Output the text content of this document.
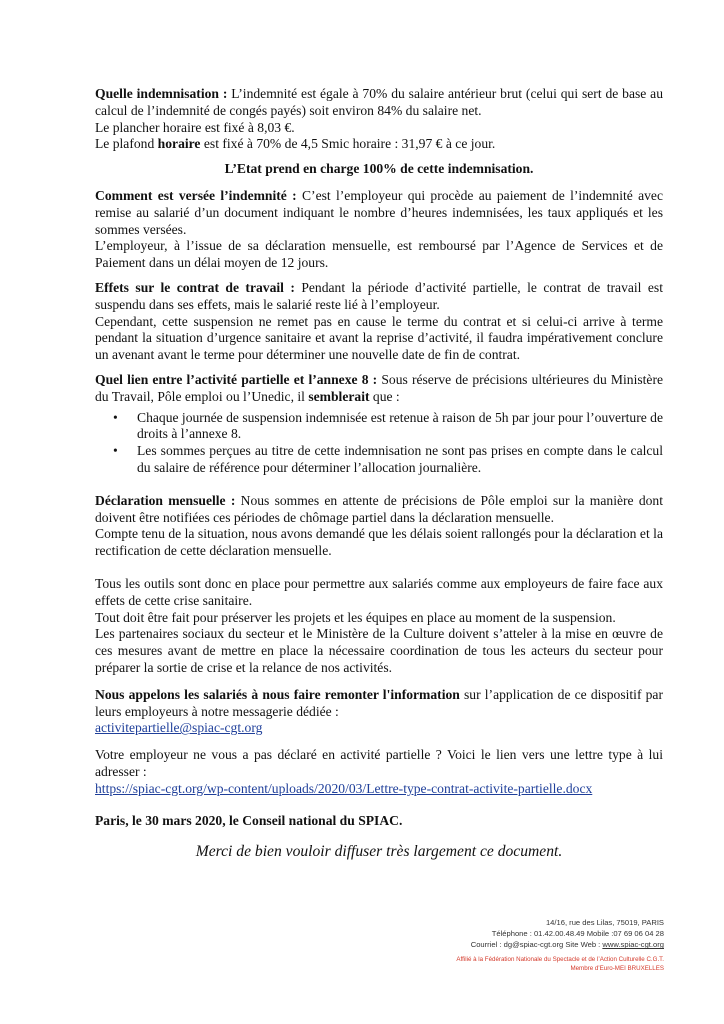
Quelle indemnisation : L’indemnité est égale à 70% du salaire antérieur brut (celui qui sert de base au calcul de l’indemnité de congés payés) soit environ 84% du salaire net.

Le plancher horaire est fixé à 8,03 €.

Le plafond horaire est fixé à 70% de 4,5 Smic horaire : 31,97 € à ce jour.

L’Etat prend en charge 100% de cette indemnisation.

Comment est versée l’indemnité : C’est l’employeur qui procède au paiement de l’indemnité avec remise au salarié d’un document indiquant le nombre d’heures indemnisées, les taux appliqués et les sommes versées.

L’employeur, à l’issue de sa déclaration mensuelle, est remboursé par l’Agence de Services et de Paiement dans un délai moyen de 12 jours.

Effets sur le contrat de travail : Pendant la période d’activité partielle, le contrat de travail est suspendu dans ses effets, mais le salarié reste lié à l’employeur.

Cependant, cette suspension ne remet pas en cause le terme du contrat et si celui-ci arrive à terme pendant la situation d’urgence sanitaire et avant la reprise d’activité, il faudra impérativement conclure un avenant avant le terme pour déterminer une nouvelle date de fin de contrat.

Quel lien entre l’activité partielle et l’annexe 8 : Sous réserve de précisions ultérieures du Ministère du Travail, Pôle emploi ou l’Unedic, il semblerait que :

• Chaque journée de suspension indemnisée est retenue à raison de 5h par jour pour l’ouverture de droits à l’annexe 8.
• Les sommes perçues au titre de cette indemnisation ne sont pas prises en compte dans le calcul du salaire de référence pour déterminer l’allocation journalière.

Déclaration mensuelle : Nous sommes en attente de précisions de Pôle emploi sur la manière dont doivent être notifiées ces périodes de chômage partiel dans la déclaration mensuelle.

Compte tenu de la situation, nous avons demandé que les délais soient rallongés pour la déclaration et la rectification de cette déclaration mensuelle.

Tous les outils sont donc en place pour permettre aux salariés comme aux employeurs de faire face aux effets de cette crise sanitaire.

Tout doit être fait pour préserver les projets et les équipes en place au moment de la suspension.

Les partenaires sociaux du secteur et le Ministère de la Culture doivent s’atteler à la mise en œuvre de ces mesures avant de mettre en place la nécessaire coordination de tous les acteurs du secteur pour préparer la sortie de crise et la relance de nos activités.

Nous appelons les salariés à nous faire remonter l'information sur l’application de ce dispositif par leurs employeurs à notre messagerie dédiée :

activitepartielle@spiac-cgt.org

Votre employeur ne vous a pas déclaré en activité partielle ? Voici le lien vers une lettre type à lui adresser :

https://spiac-cgt.org/wp-content/uploads/2020/03/Lettre-type-contrat-activite-partielle.docx

Paris, le 30 mars 2020, le Conseil national du SPIAC.

Merci de bien vouloir diffuser très largement ce document.

14/16, rue des Lilas, 75019, PARIS
Téléphone : 01.42.00.48.49 Mobile :07 69 06 04 28
Courriel : dg@spiac-cgt.org Site Web : www.spiac-cgt.org
Affilié à la Fédération Nationale du Spectacle et de l’Action Culturelle C.G.T.
Membre d’Euro-MEI BRUXELLES
